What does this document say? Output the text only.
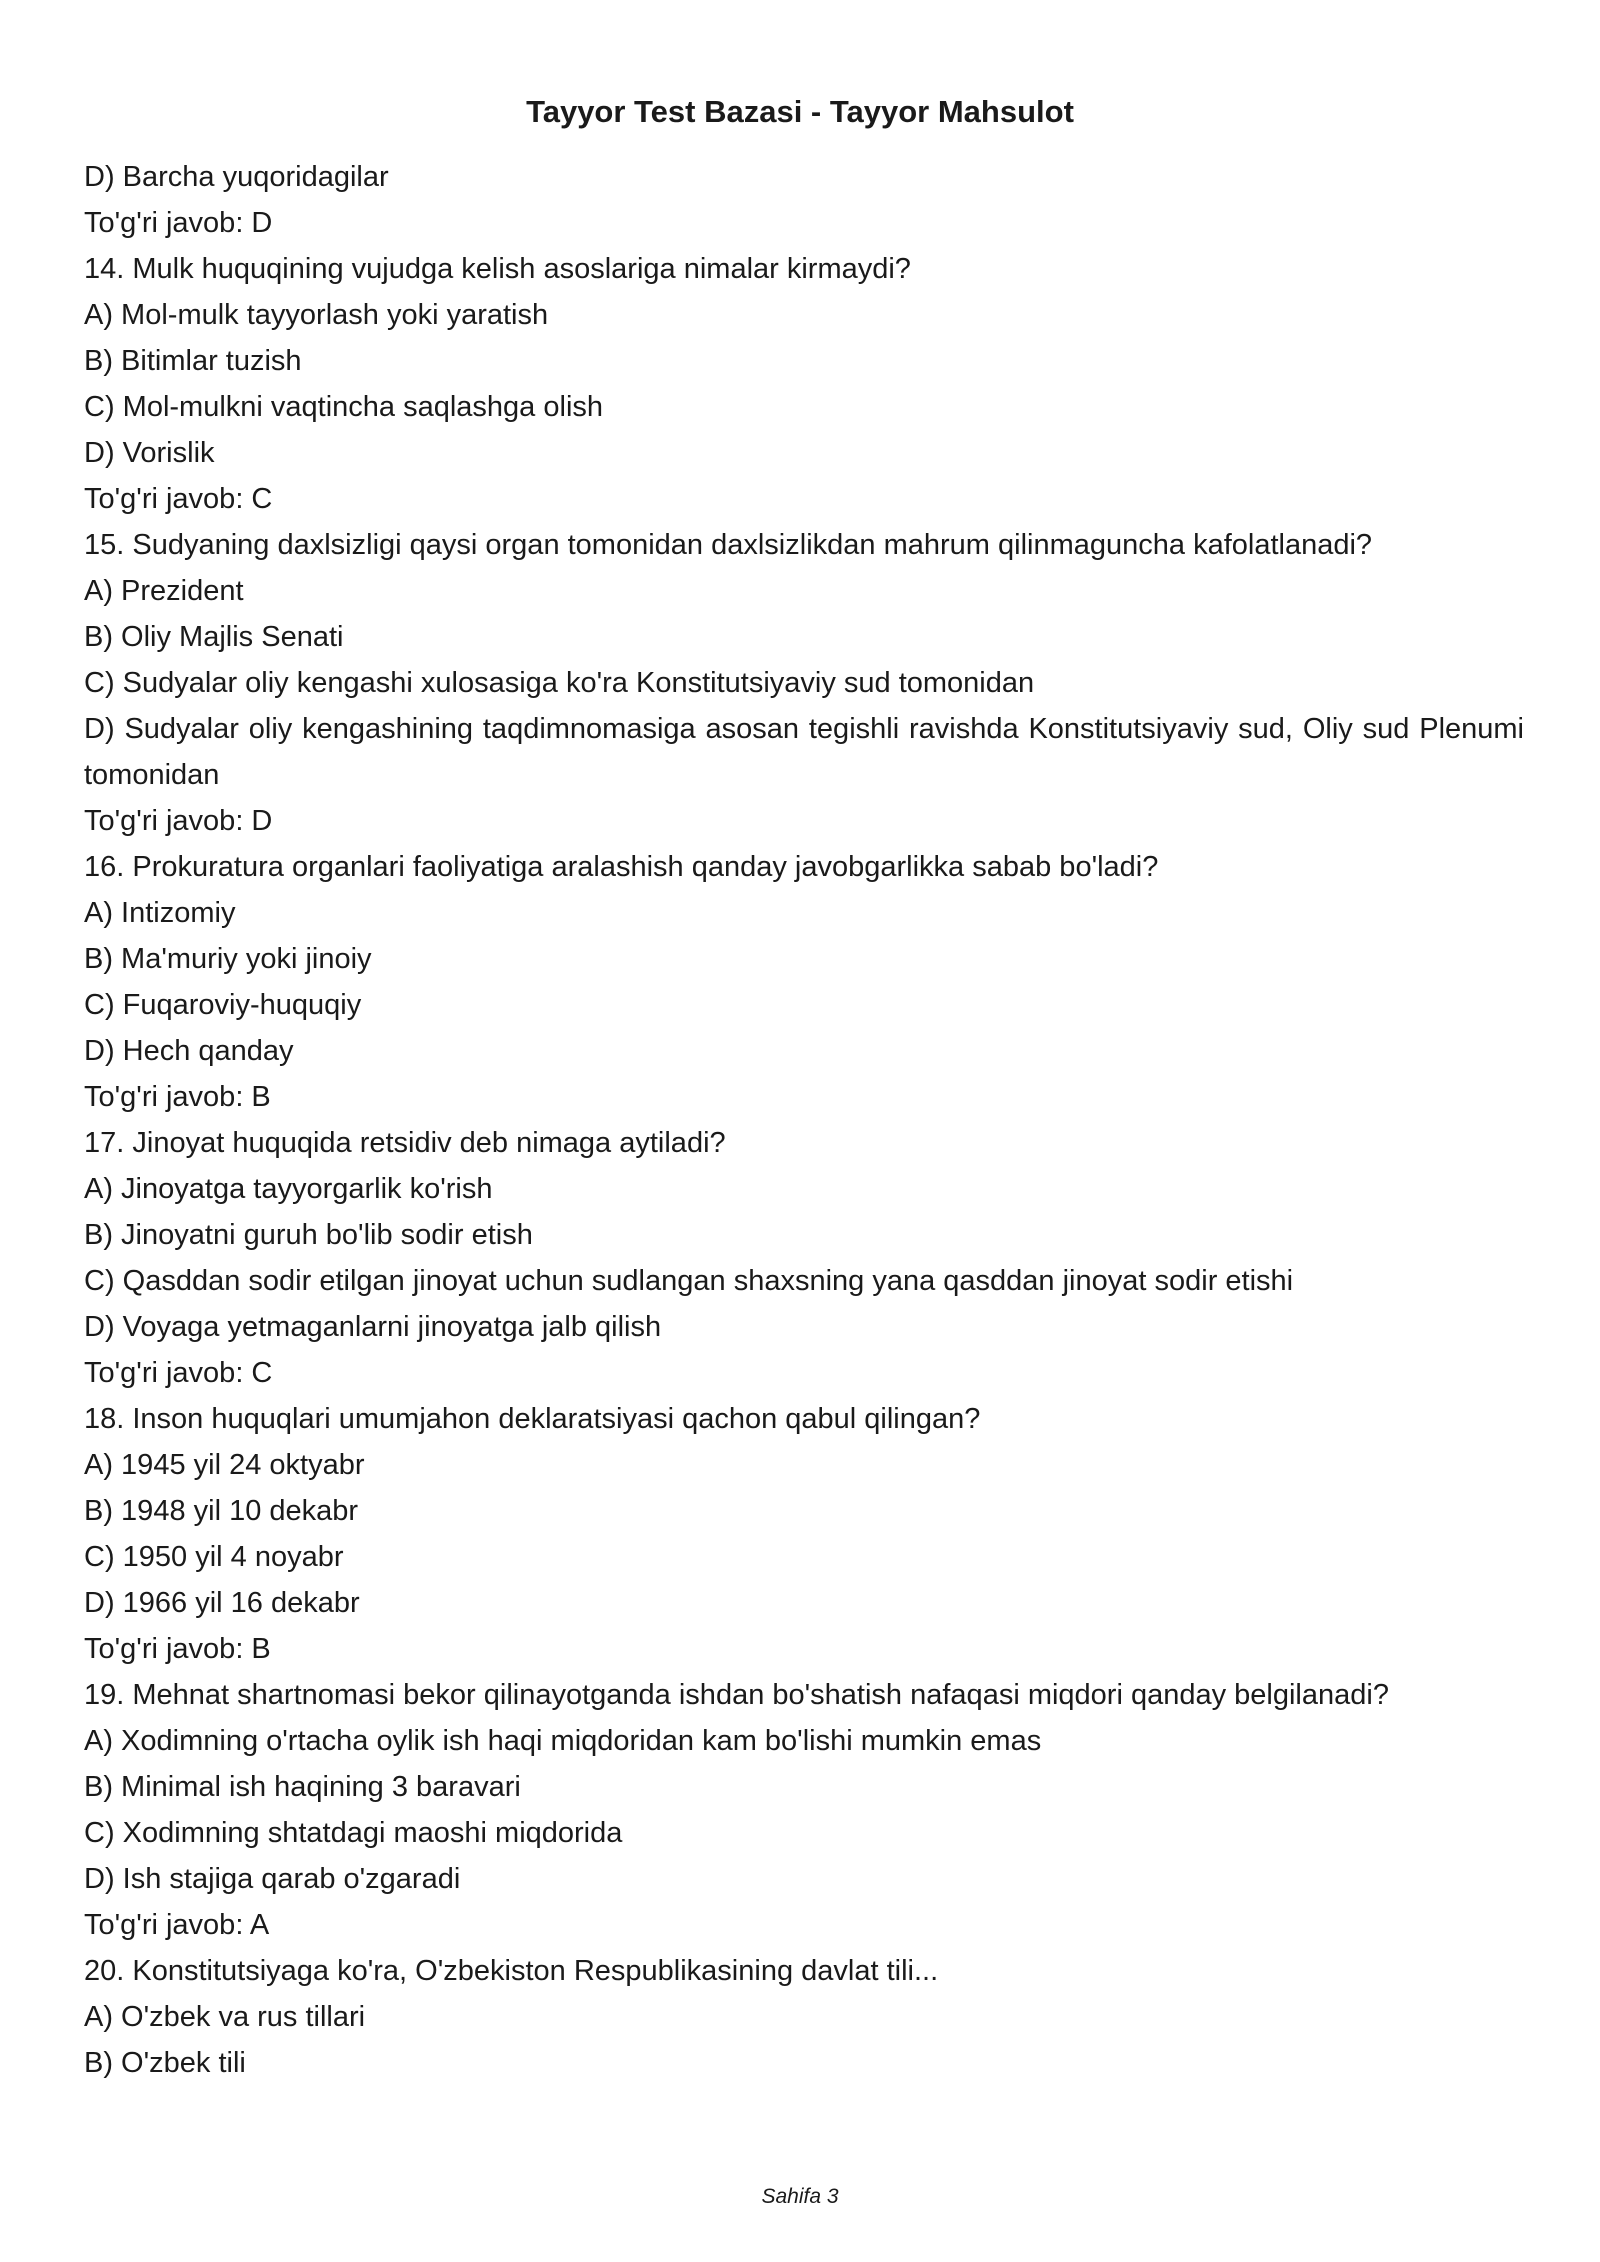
Tayyor Test Bazasi - Tayyor Mahsulot
D) Barcha yuqoridagilar
To'g'ri javob: D
14. Mulk huquqining vujudga kelish asoslariga nimalar kirmaydi?
A) Mol-mulk tayyorlash yoki yaratish
B) Bitimlar tuzish
C) Mol-mulkni vaqtincha saqlashga olish
D) Vorislik
To'g'ri javob: C
15. Sudyaning daxlsizligi qaysi organ tomonidan daxlsizlikdan mahrum qilinmaguncha kafolatlanadi?
A) Prezident
B) Oliy Majlis Senati
C) Sudyalar oliy kengashi xulosasiga ko'ra Konstitutsiyaviy sud tomonidan
D) Sudyalar oliy kengashining taqdimnomasiga asosan tegishli ravishda Konstitutsiyaviy sud, Oliy sud Plenumi tomonidan
To'g'ri javob: D
16. Prokuratura organlari faoliyatiga aralashish qanday javobgarlikka sabab bo'ladi?
A) Intizomiy
B) Ma'muriy yoki jinoiy
C) Fuqaroviy-huquqiy
D) Hech qanday
To'g'ri javob: B
17. Jinoyat huquqida retsidiv deb nimaga aytiladi?
A) Jinoyatga tayyorgarlik ko'rish
B) Jinoyatni guruh bo'lib sodir etish
C) Qasddan sodir etilgan jinoyat uchun sudlangan shaxsning yana qasddan jinoyat sodir etishi
D) Voyaga yetmaganlarni jinoyatga jalb qilish
To'g'ri javob: C
18. Inson huquqlari umumjahon deklaratsiyasi qachon qabul qilingan?
A) 1945 yil 24 oktyabr
B) 1948 yil 10 dekabr
C) 1950 yil 4 noyabr
D) 1966 yil 16 dekabr
To'g'ri javob: B
19. Mehnat shartnomasi bekor qilinayotganda ishdan bo'shatish nafaqasi miqdori qanday belgilanadi?
A) Xodimning o'rtacha oylik ish haqi miqdoridan kam bo'lishi mumkin emas
B) Minimal ish haqining 3 baravari
C) Xodimning shtatdagi maoshi miqdorida
D) Ish stajiga qarab o'zgaradi
To'g'ri javob: A
20. Konstitutsiyaga ko'ra, O'zbekiston Respublikasining davlat tili...
A) O'zbek va rus tillari
B) O'zbek tili
Sahifa 3
